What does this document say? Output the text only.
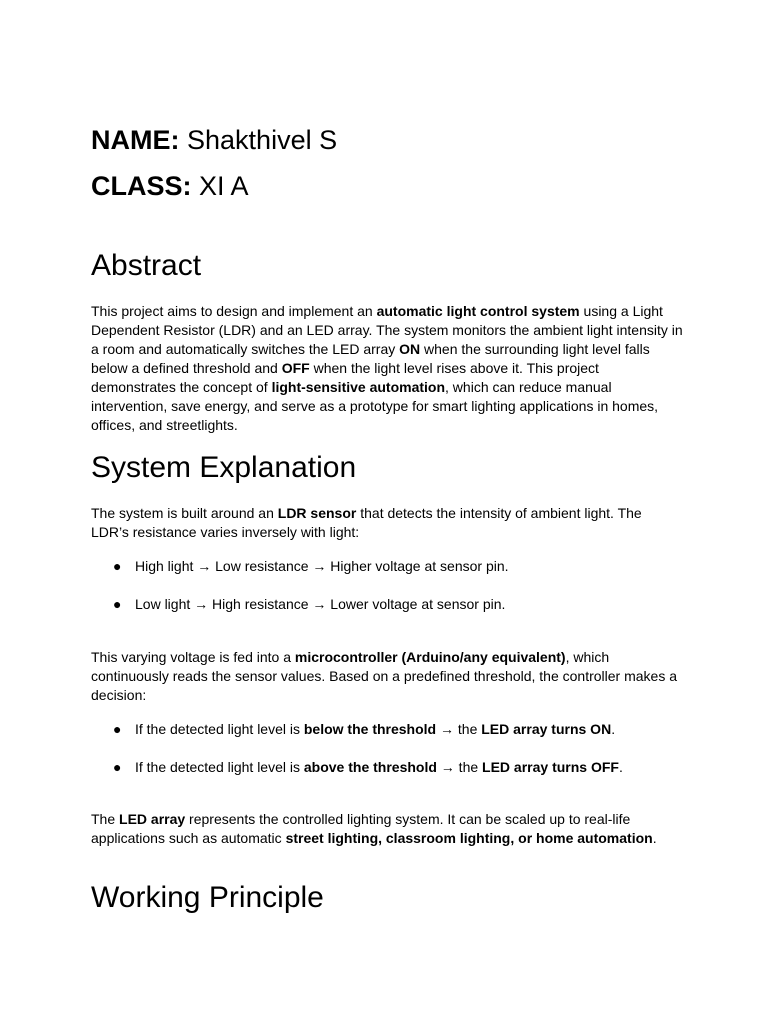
NAME: Shakthivel S

CLASS: XI A

Abstract

This project aims to design and implement an automatic light control system using a Light Dependent Resistor (LDR) and an LED array. The system monitors the ambient light intensity in a room and automatically switches the LED array ON when the surrounding light level falls below a defined threshold and OFF when the light level rises above it. This project demonstrates the concept of light-sensitive automation, which can reduce manual intervention, save energy, and serve as a prototype for smart lighting applications in homes, offices, and streetlights.

System Explanation

The system is built around an LDR sensor that detects the intensity of ambient light. The LDR’s resistance varies inversely with light:

● High light → Low resistance → Higher voltage at sensor pin.
● Low light → High resistance → Lower voltage at sensor pin.

This varying voltage is fed into a microcontroller (Arduino/any equivalent), which continuously reads the sensor values. Based on a predefined threshold, the controller makes a decision:

● If the detected light level is below the threshold → the LED array turns ON.
● If the detected light level is above the threshold → the LED array turns OFF.

The LED array represents the controlled lighting system. It can be scaled up to real-life applications such as automatic street lighting, classroom lighting, or home automation.

Working Principle
